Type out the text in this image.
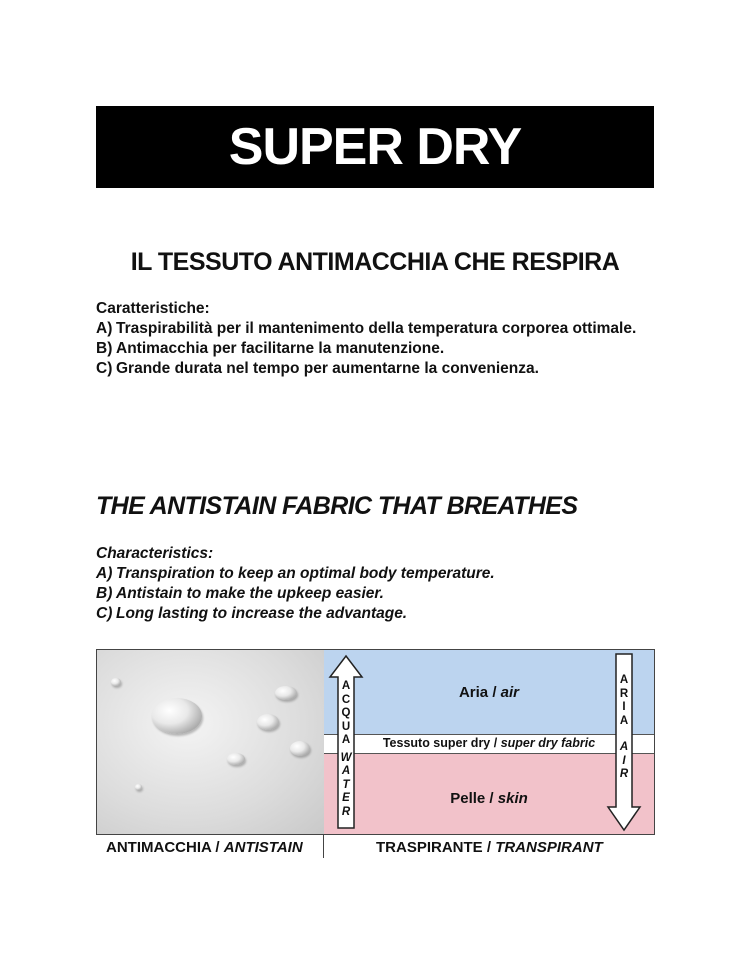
SUPER DRY
IL TESSUTO ANTIMACCHIA CHE RESPIRA
Caratteristiche:
A) Traspirabilità per il mantenimento della temperatura corporea ottimale.
B) Antimacchia per facilitarne la manutenzione.
C) Grande durata nel tempo per aumentarne la convenienza.
THE ANTISTAIN FABRIC THAT BREATHES
Characteristics:
A) Transpiration to keep an optimal body temperature.
B) Antistain to make the upkeep easier.
C) Long lasting to increase the advantage.
A
C
Q
U
A
W
A
T
E
R
A
R
I
A
A
I
R
Aria / air
Tessuto super dry / super dry fabric
Pelle / skin
ANTIMACCHIA / ANTISTAIN	TRASPIRANTE / TRANSPIRANT
